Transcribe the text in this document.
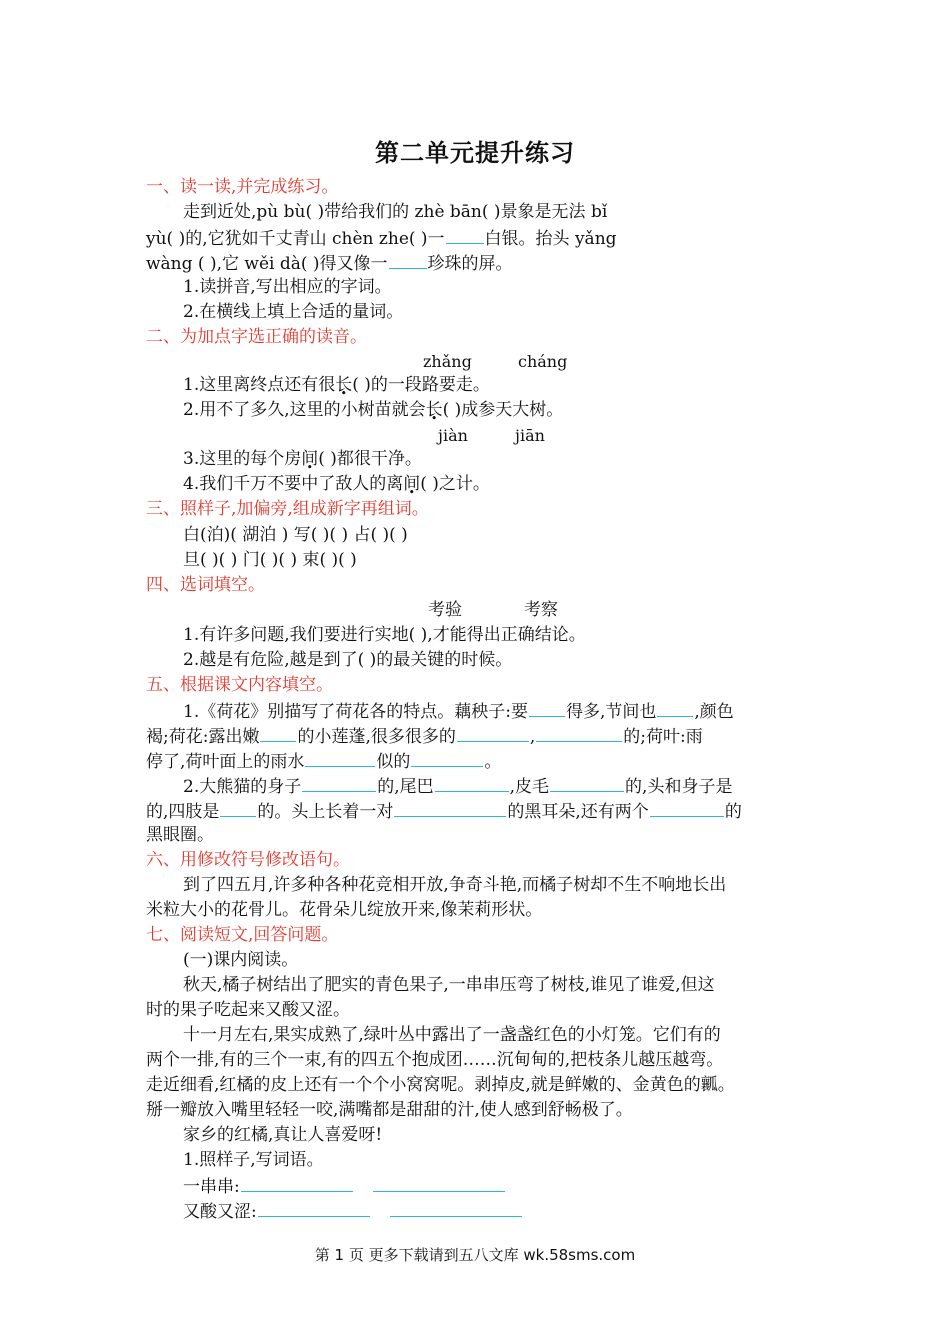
第二单元提升练习
一、读一读,并完成练习。
走到近处,pù bù( )带给我们的 zhè bān( )景象是无法 bǐ
yù( )的,它犹如千丈青山 chèn zhe( )一 白银。抬头 yǎng
wàng ( ),它 wěi dà( )得又像一 珍珠的屏。
1.读拼音,写出相应的字词。
2.在横线上填上合适的量词。
二、为加点字选正确的读音。
zhǎng	cháng
1.这里离终点还有很长( )的一段路要走。
2.用不了多久,这里的小树苗就会长( )成参天大树。
jiàn	jiān
3.这里的每个房间( )都很干净。
4.我们千万不要中了敌人的离间( )之计。
三、照样子,加偏旁,组成新字再组词。
白(泊)( 湖泊 ) 写( )( ) 占( )( )
旦( )( ) 门( )( ) 束( )( )
四、选词填空。
考验	考察
1.有许多问题,我们要进行实地( ),才能得出正确结论。
2.越是有危险,越是到了( )的最关键的时候。
五、根据课文内容填空。
1.《荷花》别描写了荷花各的特点。藕秧子:要 得多,节间也 ,颜色
褐;荷花:露出嫩 的小莲蓬,很多很多的	,	的;荷叶:雨
停了,荷叶面上的雨水	似的	。
2.大熊猫的身子	的,尾巴	,皮毛	的,头和身子是
的,四肢是 的。头上长着一对	的黑耳朵,还有两个	的
黑眼圈。
六、用修改符号修改语句。
到了四五月,许多种各种花竞相开放,争奇斗艳,而橘子树却不生不响地长出
米粒大小的花骨儿。花骨朵儿绽放开来,像茉莉形状。
七、阅读短文,回答问题。
(一)课内阅读。
秋天,橘子树结出了肥实的青色果子,一串串压弯了树枝,谁见了谁爱,但这
时的果子吃起来又酸又涩。
十一月左右,果实成熟了,绿叶丛中露出了一盏盏红色的小灯笼。它们有的
两个一排,有的三个一束,有的四五个抱成团……沉甸甸的,把枝条儿越压越弯。
走近细看,红橘的皮上还有一个个小窝窝呢。剥掉皮,就是鲜嫩的、金黄色的瓤。
掰一瓣放入嘴里轻轻一咬,满嘴都是甜甜的汁,使人感到舒畅极了。
家乡的红橘,真让人喜爱呀!
1.照样子,写词语。
一串串:
又酸又涩:
第 1 页 更多下载请到五八文库 wk.58sms.com
